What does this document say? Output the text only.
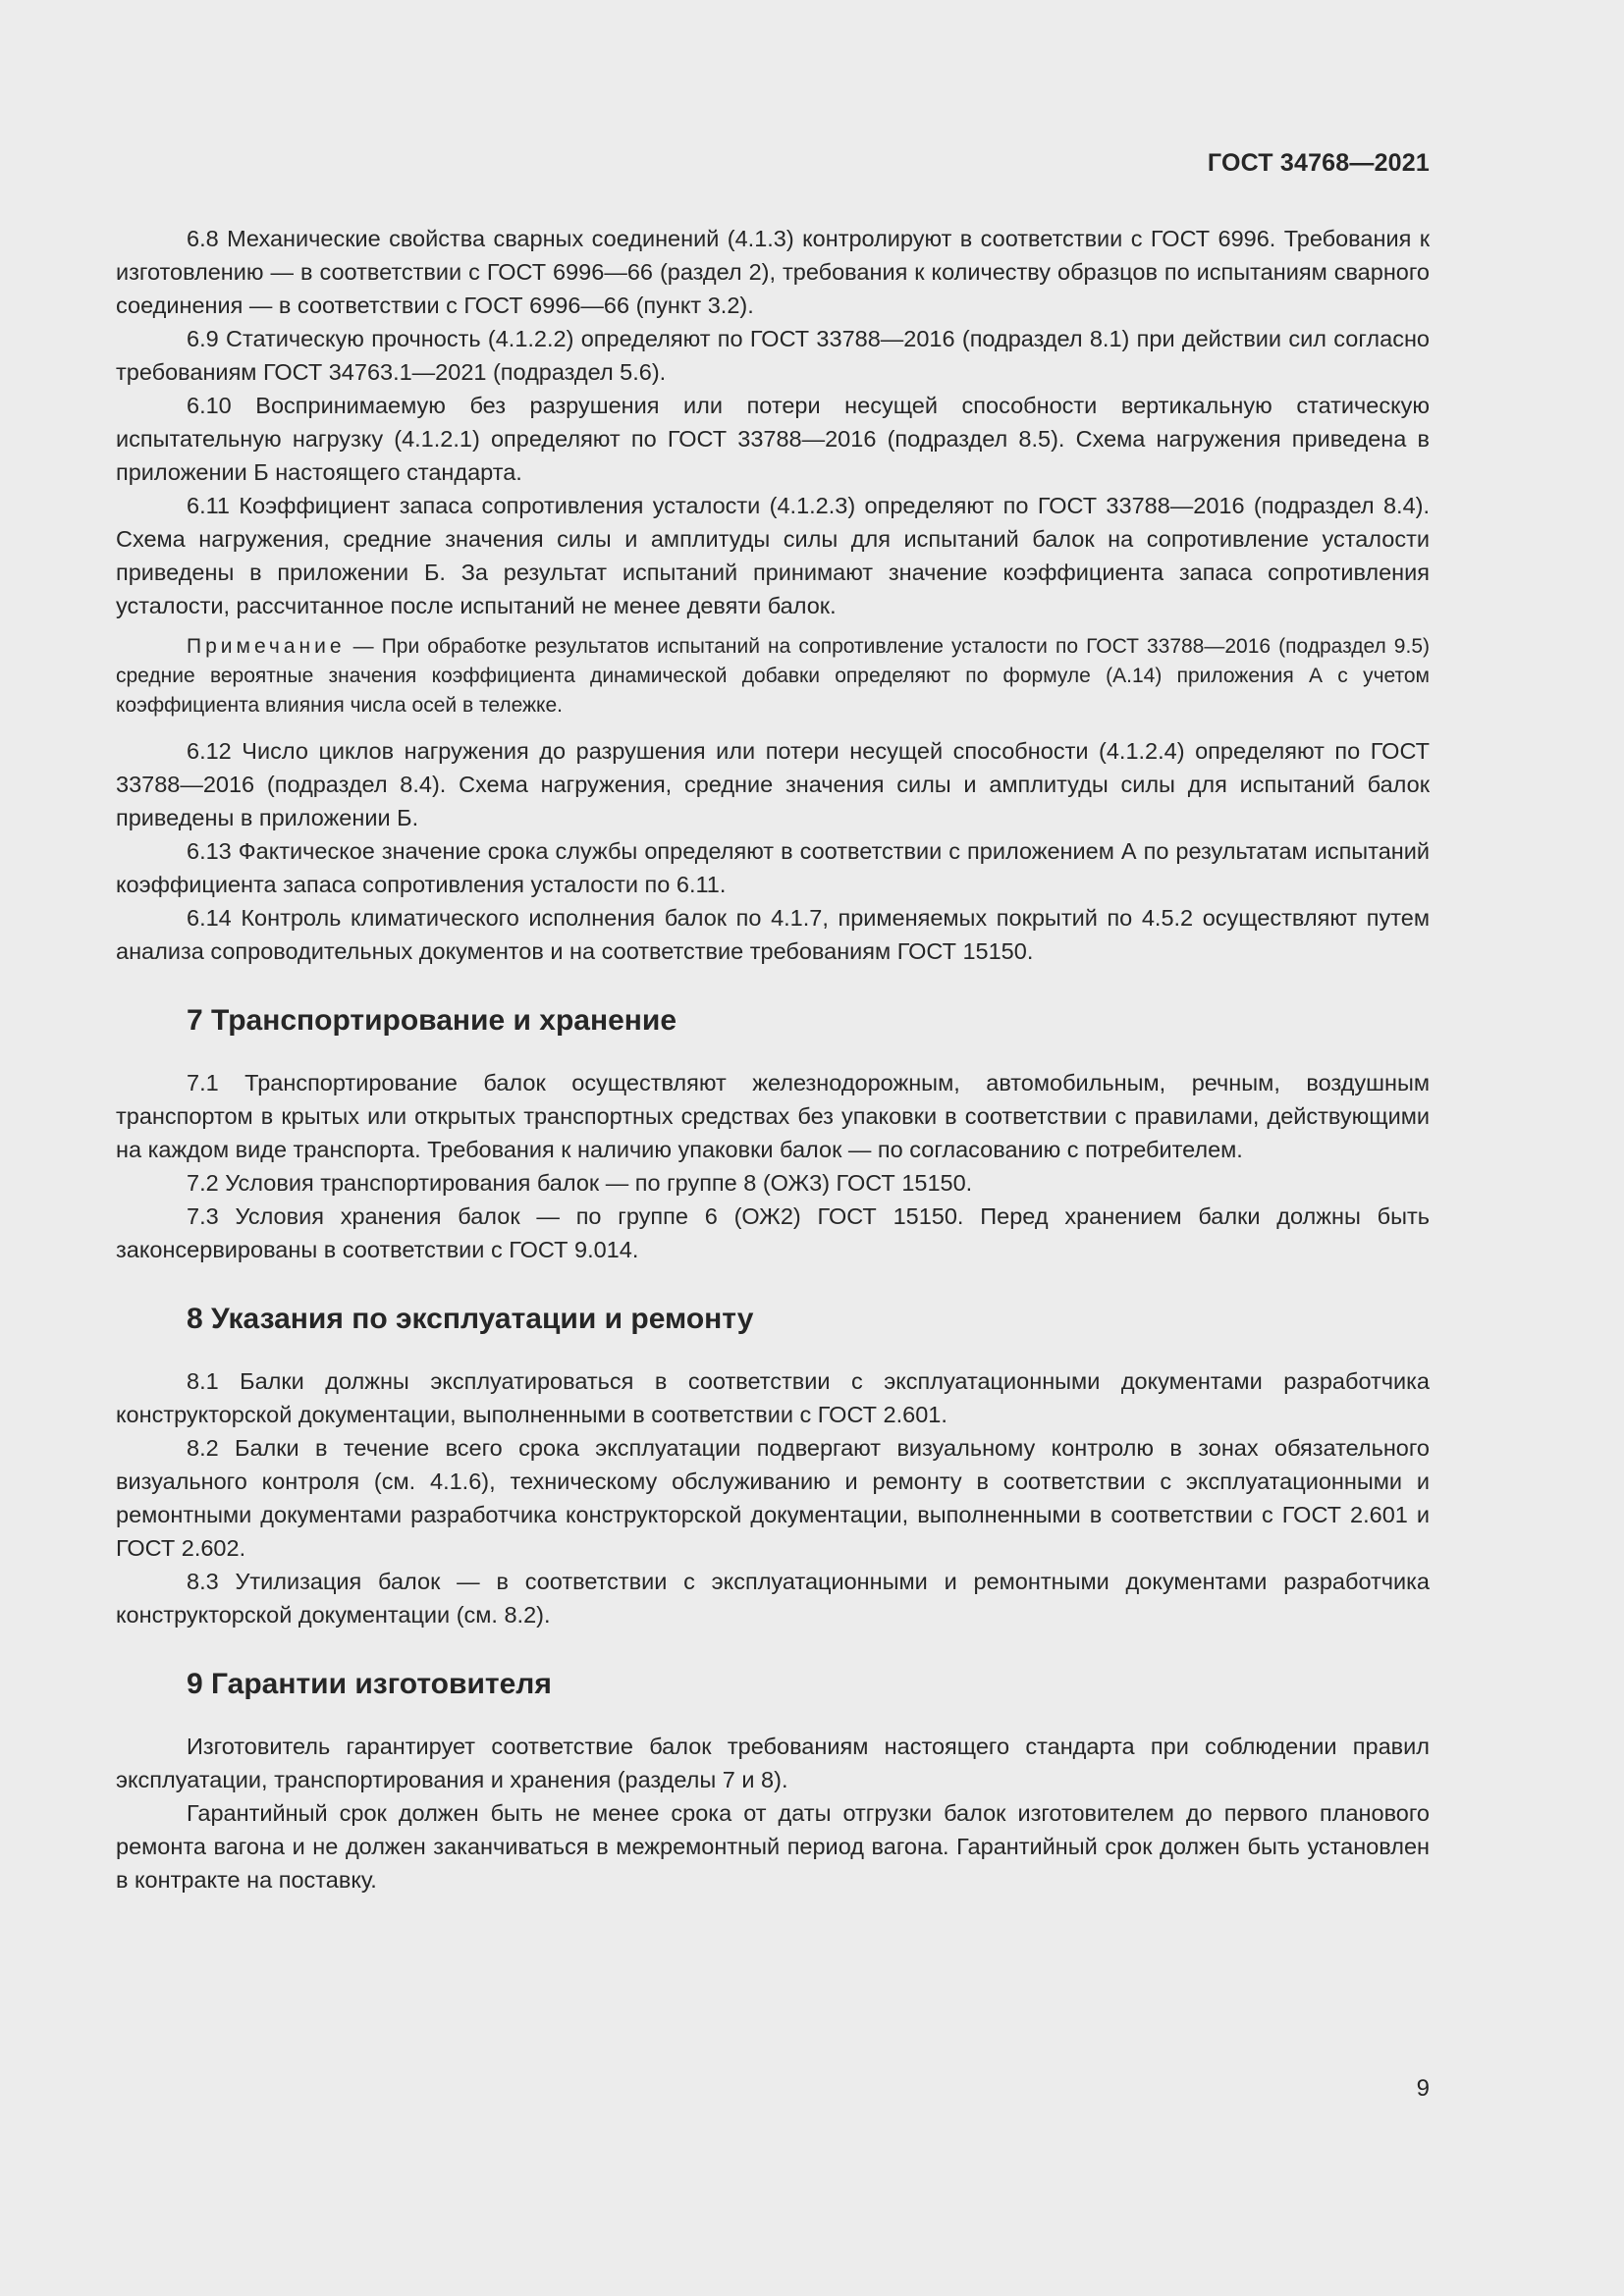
ГОСТ 34768—2021

6.8 Механические свойства сварных соединений (4.1.3) контролируют в соответствии с ГОСТ 6996. Требования к изготовлению — в соответствии с ГОСТ 6996—66 (раздел 2), требования к количеству образцов по испытаниям сварного соединения — в соответствии с ГОСТ 6996—66 (пункт 3.2).

6.9 Статическую прочность (4.1.2.2) определяют по ГОСТ 33788—2016 (подраздел 8.1) при действии сил согласно требованиям ГОСТ 34763.1—2021 (подраздел 5.6).

6.10 Воспринимаемую без разрушения или потери несущей способности вертикальную статическую испытательную нагрузку (4.1.2.1) определяют по ГОСТ 33788—2016 (подраздел 8.5). Схема нагружения приведена в приложении Б настоящего стандарта.

6.11 Коэффициент запаса сопротивления усталости (4.1.2.3) определяют по ГОСТ 33788—2016 (подраздел 8.4). Схема нагружения, средние значения силы и амплитуды силы для испытаний балок на сопротивление усталости приведены в приложении Б. За результат испытаний принимают значение коэффициента запаса сопротивления усталости, рассчитанное после испытаний не менее девяти балок.

Примечание — При обработке результатов испытаний на сопротивление усталости по ГОСТ 33788—2016 (подраздел 9.5) средние вероятные значения коэффициента динамической добавки определяют по формуле (А.14) приложения А с учетом коэффициента влияния числа осей в тележке.

6.12 Число циклов нагружения до разрушения или потери несущей способности (4.1.2.4) определяют по ГОСТ 33788—2016 (подраздел 8.4). Схема нагружения, средние значения силы и амплитуды силы для испытаний балок приведены в приложении Б.

6.13 Фактическое значение срока службы определяют в соответствии с приложением А по результатам испытаний коэффициента запаса сопротивления усталости по 6.11.

6.14 Контроль климатического исполнения балок по 4.1.7, применяемых покрытий по 4.5.2 осуществляют путем анализа сопроводительных документов и на соответствие требованиям ГОСТ 15150.

7 Транспортирование и хранение

7.1 Транспортирование балок осуществляют железнодорожным, автомобильным, речным, воздушным транспортом в крытых или открытых транспортных средствах без упаковки в соответствии с правилами, действующими на каждом виде транспорта. Требования к наличию упаковки балок — по согласованию с потребителем.

7.2 Условия транспортирования балок — по группе 8 (ОЖ3) ГОСТ 15150.

7.3 Условия хранения балок — по группе 6 (ОЖ2) ГОСТ 15150. Перед хранением балки должны быть законсервированы в соответствии с ГОСТ 9.014.

8 Указания по эксплуатации и ремонту

8.1 Балки должны эксплуатироваться в соответствии с эксплуатационными документами разработчика конструкторской документации, выполненными в соответствии с ГОСТ 2.601.

8.2 Балки в течение всего срока эксплуатации подвергают визуальному контролю в зонах обязательного визуального контроля (см. 4.1.6), техническому обслуживанию и ремонту в соответствии с эксплуатационными и ремонтными документами разработчика конструкторской документации, выполненными в соответствии с ГОСТ 2.601 и ГОСТ 2.602.

8.3 Утилизация балок — в соответствии с эксплуатационными и ремонтными документами разработчика конструкторской документации (см. 8.2).

9 Гарантии изготовителя

Изготовитель гарантирует соответствие балок требованиям настоящего стандарта при соблюдении правил эксплуатации, транспортирования и хранения (разделы 7 и 8).

Гарантийный срок должен быть не менее срока от даты отгрузки балок изготовителем до первого планового ремонта вагона и не должен заканчиваться в межремонтный период вагона. Гарантийный срок должен быть установлен в контракте на поставку.

9
